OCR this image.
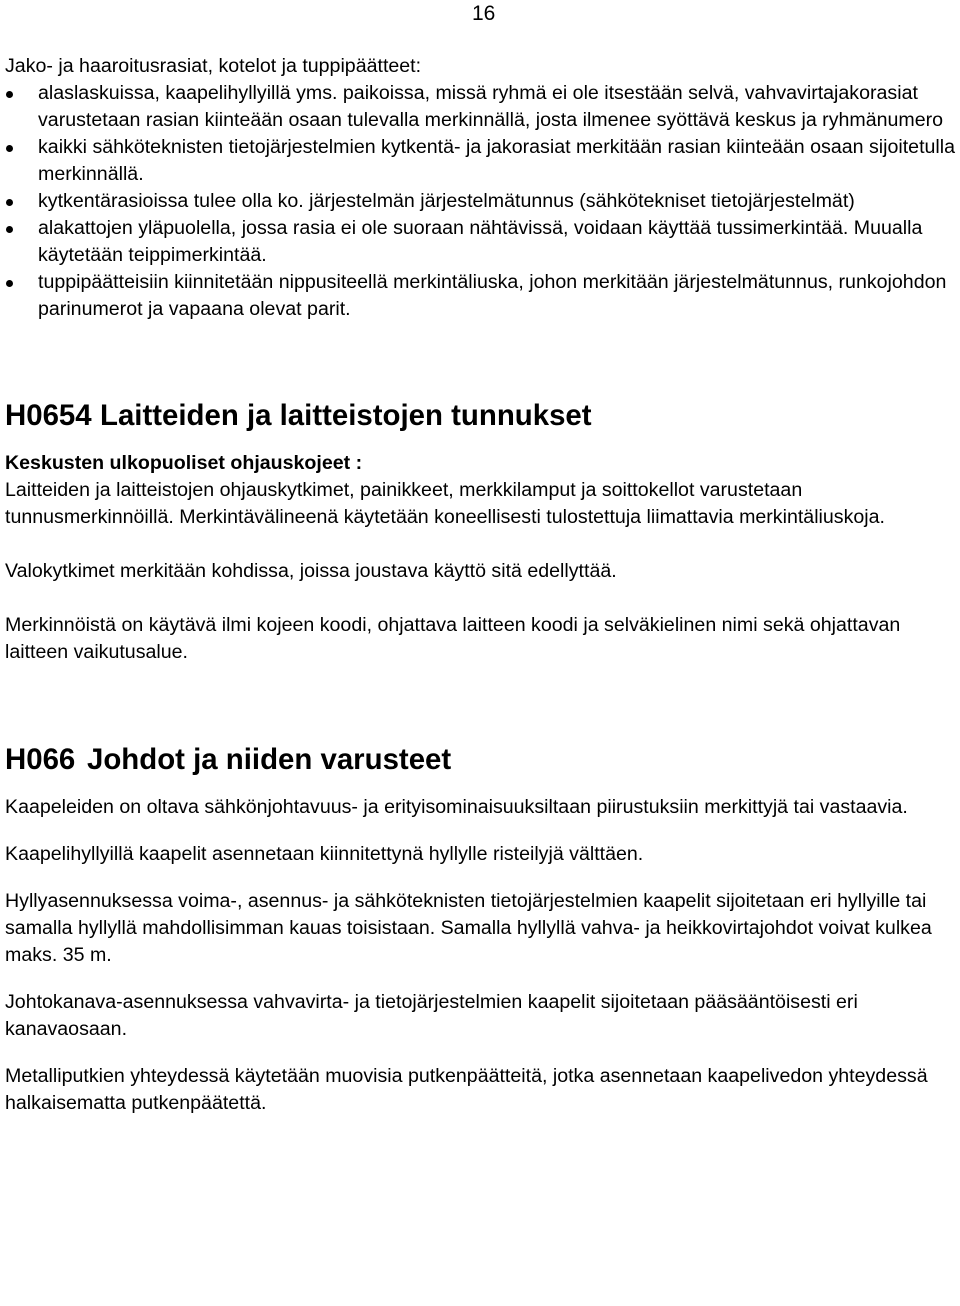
16

Jako- ja haaroitusrasiat, kotelot ja tuppipäätteet:

alaslaskuissa, kaapelihyllyillä yms. paikoissa, missä ryhmä ei ole itsestään selvä, vahvavirtajakorasiat varustetaan rasian kiinteään osaan tulevalla merkinnällä, josta ilmenee syöttävä keskus ja ryhmänumero
kaikki sähköteknisten tietojärjestelmien kytkentä- ja jakorasiat merkitään rasian kiinteään osaan sijoitetulla merkinnällä.
kytkentärasioissa tulee olla ko. järjestelmän järjestelmätunnus (sähkötekniset tietojärjestelmät)
alakattojen yläpuolella, jossa rasia ei ole suoraan nähtävissä, voidaan käyttää tussimerkintää. Muualla käytetään teippimerkintää.
tuppipäätteisiin kiinnitetään nippusiteellä merkintäliuska, johon merkitään järjestelmätunnus, runkojohdon parinumerot ja vapaana olevat parit.
H0654 Laitteiden ja laitteistojen tunnukset

Keskusten ulkopuoliset ohjauskojeet :

Laitteiden ja laitteistojen ohjauskytkimet, painikkeet, merkkilamput ja soittokellot varustetaan tunnusmerkinnöillä. Merkintävälineenä käytetään koneellisesti tulostettuja liimattavia merkintäliuskoja.

Valokytkimet merkitään kohdissa, joissa joustava käyttö sitä edellyttää.

Merkinnöistä on käytävä ilmi kojeen koodi, ohjattava laitteen koodi ja selväkielinen nimi sekä ohjattavan laitteen vaikutusalue.

H066 Johdot ja niiden varusteet

Kaapeleiden on oltava sähkönjohtavuus- ja erityisominaisuuksiltaan piirustuksiin merkittyjä tai vastaavia.

Kaapelihyllyillä kaapelit asennetaan kiinnitettynä hyllylle risteilyjä välttäen.

Hyllyasennuksessa voima-, asennus- ja sähköteknisten tietojärjestelmien kaapelit sijoitetaan eri hyllyille tai samalla hyllyllä mahdollisimman kauas toisistaan. Samalla hyllyllä vahva- ja heikkovirtajohdot voivat kulkea maks. 35 m.

Johtokanava-asennuksessa vahvavirta- ja tietojärjestelmien kaapelit sijoitetaan pääsääntöisesti eri kanavaosaan.

Metalliputkien yhteydessä käytetään muovisia putkenpäätteitä, jotka asennetaan kaapelivedon yhteydessä halkaisematta putkenpäätettä.
